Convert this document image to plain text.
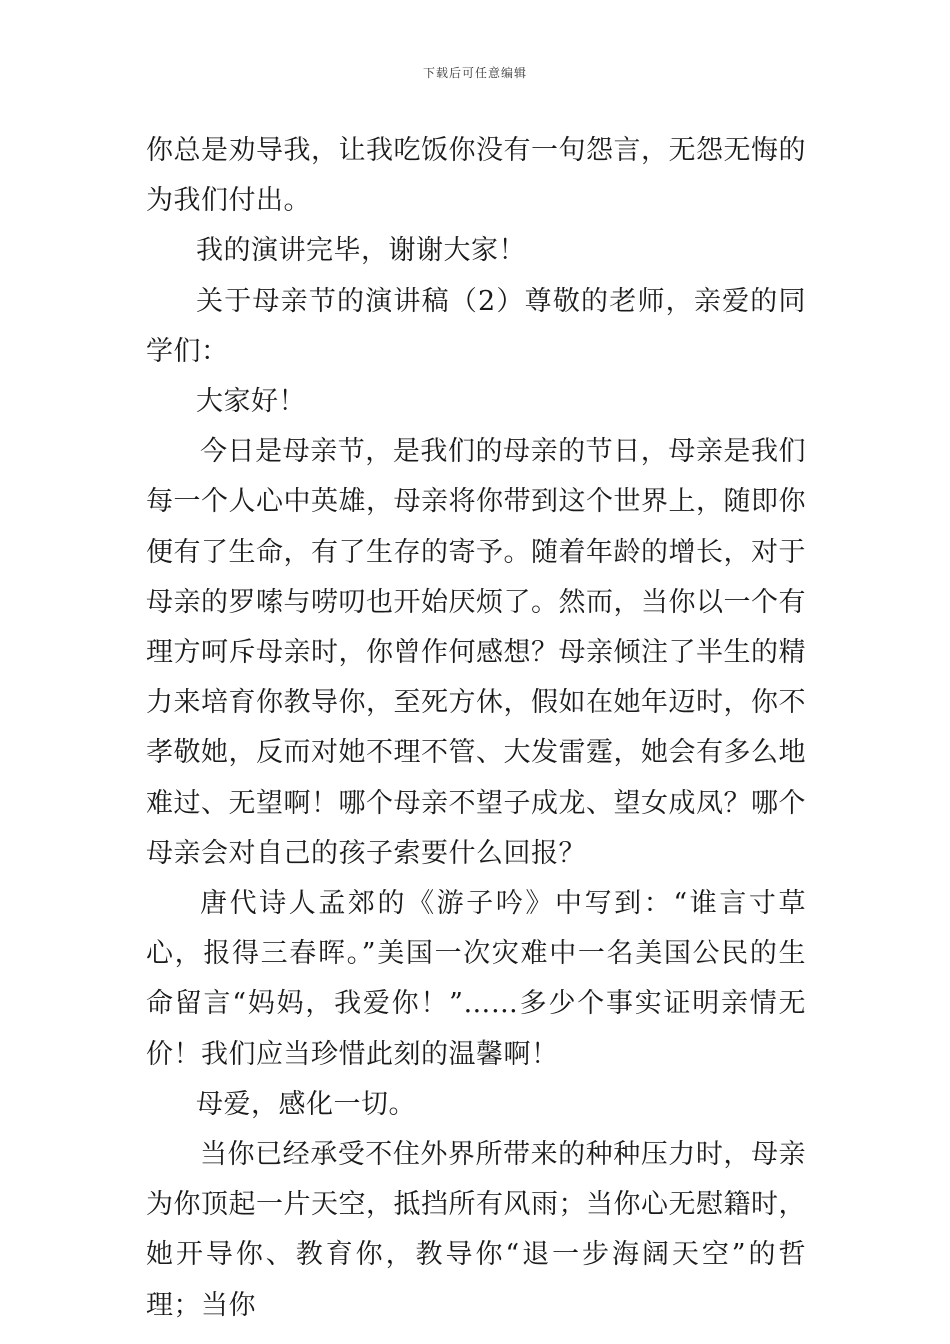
下载后可任意编辑

你总是劝导我，让我吃饭你没有一句怨言，无怨无悔的为我们付出。

我的演讲完毕，谢谢大家！

关于母亲节的演讲稿（2）尊敬的老师，亲爱的同学们：

大家好！

今日是母亲节，是我们的母亲的节日，母亲是我们每一个人心中英雄，母亲将你带到这个世界上，随即你便有了生命，有了生存的寄予。随着年龄的增长，对于母亲的罗嗦与唠叨也开始厌烦了。然而，当你以一个有理方呵斥母亲时，你曾作何感想？母亲倾注了半生的精力来培育你教导你，至死方休，假如在她年迈时，你不孝敬她，反而对她不理不管、大发雷霆，她会有多么地难过、无望啊！哪个母亲不望子成龙、望女成凤？哪个母亲会对自己的孩子索要什么回报？

唐代诗人孟郊的《游子吟》中写到：“谁言寸草心，报得三春晖。”美国一次灾难中一名美国公民的生命留言“妈妈，我爱你！”……多少个事实证明亲情无价！我们应当珍惜此刻的温馨啊！

母爱，感化一切。

当你已经承受不住外界所带来的种种压力时，母亲为你顶起一片天空，抵挡所有风雨；当你心无慰籍时，她开导你、教育你，教导你“退一步海阔天空”的哲理；当你
